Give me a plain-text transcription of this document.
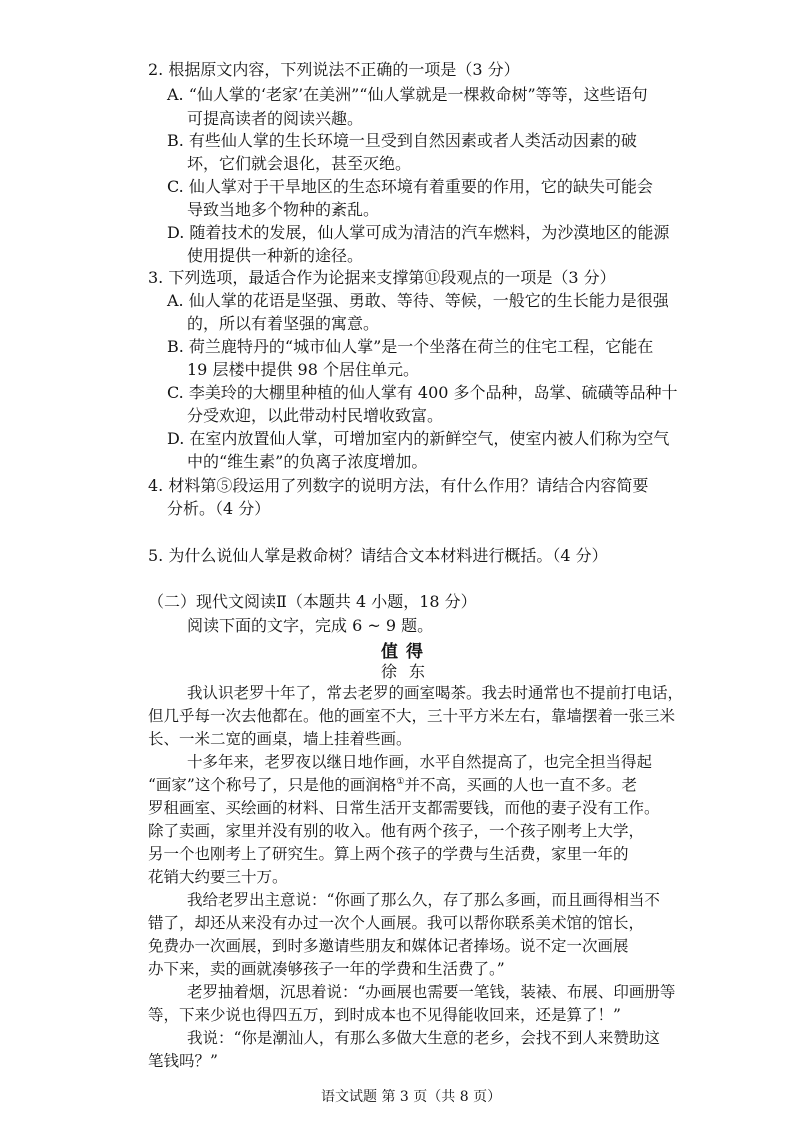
2. 根据原文内容，下列说法不正确的一项是（3 分）
A. “仙人掌的‘老家’在美洲”“仙人掌就是一棵救命树”等等，这些语句
可提高读者的阅读兴趣。
B. 有些仙人掌的生长环境一旦受到自然因素或者人类活动因素的破
坏，它们就会退化，甚至灭绝。
C. 仙人掌对于干旱地区的生态环境有着重要的作用，它的缺失可能会
导致当地多个物种的紊乱。
D. 随着技术的发展，仙人掌可成为清洁的汽车燃料，为沙漠地区的能源
使用提供一种新的途径。
3. 下列选项，最适合作为论据来支撑第⑪段观点的一项是（3 分）
A. 仙人掌的花语是坚强、勇敢、等待、等候，一般它的生长能力是很强
的，所以有着坚强的寓意。
B. 荷兰鹿特丹的“城市仙人掌”是一个坐落在荷兰的住宅工程，它能在
19 层楼中提供 98 个居住单元。
C. 李美玲的大棚里种植的仙人掌有 400 多个品种，岛掌、硫磺等品种十
分受欢迎，以此带动村民增收致富。
D. 在室内放置仙人掌，可增加室内的新鲜空气，使室内被人们称为空气
中的“维生素”的负离子浓度增加。
4. 材料第⑤段运用了列数字的说明方法，有什么作用？请结合内容简要
分析。（4 分）
5. 为什么说仙人掌是救命树？请结合文本材料进行概括。（4 分）
（二）现代文阅读Ⅱ（本题共 4 小题，18 分）
阅读下面的文字，完成 6 ~ 9 题。
值得
徐东
我认识老罗十年了，常去老罗的画室喝茶。我去时通常也不提前打电话，
但几乎每一次去他都在。他的画室不大，三十平方米左右，靠墙摆着一张三米
长、一米二宽的画桌，墙上挂着些画。
十多年来，老罗夜以继日地作画，水平自然提高了，也完全担当得起
“画家”这个称号了，只是他的画润格①并不高，买画的人也一直不多。老
罗租画室、买绘画的材料、日常生活开支都需要钱，而他的妻子没有工作。
除了卖画，家里并没有别的收入。他有两个孩子，一个孩子刚考上大学，
另一个也刚考上了研究生。算上两个孩子的学费与生活费，家里一年的
花销大约要三十万。
我给老罗出主意说：“你画了那么久，存了那么多画，而且画得相当不
错了，却还从来没有办过一次个人画展。我可以帮你联系美术馆的馆长，
免费办一次画展，到时多邀请些朋友和媒体记者捧场。说不定一次画展
办下来，卖的画就凑够孩子一年的学费和生活费了。”
老罗抽着烟，沉思着说：“办画展也需要一笔钱，装裱、布展、印画册等
等，下来少说也得四五万，到时成本也不见得能收回来，还是算了！”
我说：“你是潮汕人，有那么多做大生意的老乡，会找不到人来赞助这
笔钱吗？”
语文试题 第 3 页（共 8 页）
